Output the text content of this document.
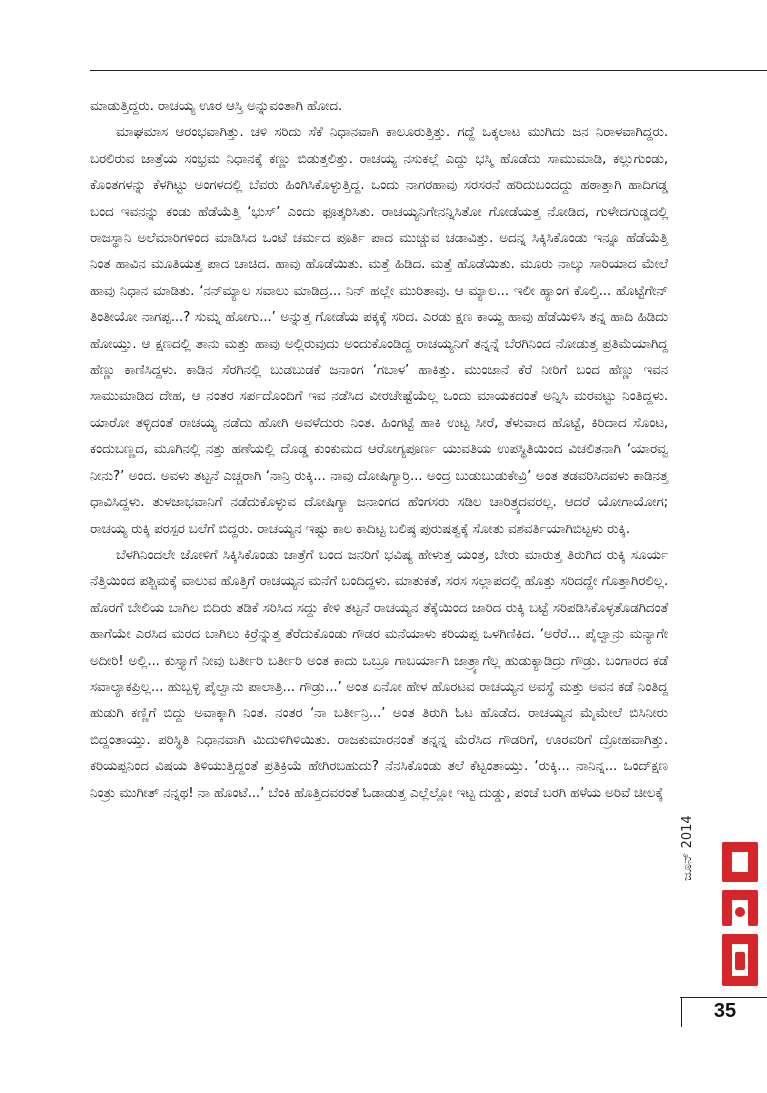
ಮಾಡುತ್ತಿದ್ದರು. ರಾಚಯ್ಯ ಊರ ಆಸ್ತಿ ಅನ್ನುವಂತಾಗಿ ಹೋದ.

ಮಾಘಮಾಸ ಆರಂಭವಾಗಿತ್ತು. ಚಳಿ ಸರಿದು ಸೆಕೆ ನಿಧಾನವಾಗಿ ಕಾಲೂರುತ್ತಿತ್ತು. ಗದ್ದೆ ಒಕ್ಕಲಾಟ ಮುಗಿದು ಜನ ನಿರಾಳವಾಗಿದ್ದರು. ಬರಲಿರುವ ಜಾತ್ರೆಯ ಸಂಭ್ರಮ ನಿಧಾನಕ್ಕೆ ಕಣ್ಣು ಬಿಡುತ್ತಲಿತ್ತು. ರಾಚಯ್ಯ ನಸುಕಲ್ಲೆ ಎದ್ದು ಭಸ್ಮಿ ಹೊಡೆದು ಸಾಮುಮಾಡಿ, ಕಲ್ಲುಗುಂಡು, ಕೊಂತಗಳನ್ನು ಕೆಳಗಿಟ್ಟು ಅಂಗಳದಲ್ಲಿ ಬೆವರು ಹಿಂಗಿಸಿಕೊಳ್ಳುತ್ತಿದ್ದ. ಒಂದು ನಾಗರಹಾವು ಸರಸರನೆ ಹರಿದುಬಂದದ್ದು ಹಠಾತ್ತಾಗಿ ಹಾದಿಗಡ್ಡ ಬಂದ ಇವನನ್ನು ಕಂಡು ಹೆಡೆಯೆತ್ತಿ ‘ಭುಸ್’ ಎಂದು ಫೂತ್ಕರಿಸಿತು. ರಾಚಯ್ಯನಿಗೇನನ್ನಿಸಿತೋ ಗೋಡೆಯತ್ತ ನೋಡಿದ, ಗುಳೇದಗುಡ್ಡದಲ್ಲಿ ರಾಜಸ್ಥಾನಿ ಅಲೆಮಾರಿಗಳಿಂದ ಮಾಡಿಸಿದ ಒಂಟೆ ಚರ್ಮದ ಪೂರ್ತಿ ಪಾದ ಮುಚ್ಚುವ ಚಡಾವಿತ್ತು. ಅದನ್ನ ಸಿಕ್ಕಿಸಿಕೊಂಡು ಇನ್ನೂ ಹೆಡೆಯೆತ್ತಿ ನಿಂತ ಹಾವಿನ ಮೂತಿಯತ್ತ ಪಾದ ಚಾಚಿದ. ಹಾವು ಹೊಡೆಯಿತು. ಮತ್ತೆ ಹಿಡಿದ. ಮತ್ತೆ ಹೊಡೆಯಿತು. ಮೂರು ನಾಲ್ಕು ಸಾರಿಯಾದ ಮೇಲೆ ಹಾವು ನಿಧಾನ ಮಾಡಿತು. ‘ನನ್‌ಮ್ಯಾಲ ಸವಾಲು ಮಾಡಿದ್ರ... ನಿನ್ ಹಲ್ಲೇ ಮುರಿತಾವು. ಆ ಮ್ಯಾಲ... ಇಲೀ ಹ್ಯಾಂಗ ಕೊಲ್ತಿ... ಹೊಟ್ಟೆಗೇನ್ ತಿಂತೀಯೋ ನಾಗಪ್ಪ...? ಸುಮ್ನ ಹೋಗು...’ ಅನ್ನುತ್ತ ಗೋಡೆಯ ಪಕ್ಕಕ್ಕೆ ಸರಿದ. ಎರಡು ಕ್ಷಣ ಕಾಯ್ದ ಹಾವು ಹೆಡೆಯಿಳಿಸಿ ತನ್ನ ಹಾದಿ ಹಿಡಿದು ಹೋಯ್ತು. ಆ ಕ್ಷಣದಲ್ಲಿ ತಾನು ಮತ್ತು ಹಾವು ಅಲ್ಲಿರುವುದು ಅಂದುಕೊಂಡಿದ್ದ ರಾಚಯ್ಯನಿಗೆ ತನ್ನನ್ನೆ ಬೆರಗಿನಿಂದ ನೋಡುತ್ತ ಪ್ರತಿಮೆಯಾಗಿದ್ದ ಹೆಣ್ಣು ಕಾಣಿಸಿದ್ದಳು. ಕಾಡಿನ ಸೆರಗಿನಲ್ಲಿ ಬುಡಬುಡಕೆ ಜನಾಂಗ ‘ಗಬಾಳ’ ಹಾಕಿತ್ತು. ಮುಂಜಾನೆ ಕೆರೆ ನೀರಿಗೆ ಬಂದ ಹೆಣ್ಣು ಇವನ ಸಾಮುಮಾಡಿದ ದೇಹ, ಆ ನಂತರ ಸರ್ಪದೊಂದಿಗೆ ಇವ ನಡೆಸಿದ ವೀರಚೇಷ್ಟೆಯೆಲ್ಲ ಒಂದು ಮಾಯಕದಂತೆ ಅನ್ನಿಸಿ ಮರವಟ್ಟು ನಿಂತಿದ್ದಳು. ಯಾರೋ ತಳ್ಳಿದಂತೆ ರಾಚಯ್ಯ ನಡೆದು ಹೋಗಿ ಅವಳೆದುರು ನಿಂತ. ಹಿಂಗಟ್ಟೆ ಹಾಕಿ ಉಟ್ಟ ಸೀರೆ, ತೆಳುವಾದ ಹೊಟ್ಟೆ, ಕಿರಿದಾದ ಸೊಂಟ, ಕಂದುಬಣ್ಣದ, ಮೂಗಿನಲ್ಲಿ ನತ್ತು ಹಣೆಯಲ್ಲಿ ದೊಡ್ಡ ಕುಂಕುಮದ ಆರೋಗ್ಯಪೂರ್ಣ ಯುವತಿಯ ಉಪಸ್ಥಿತಿಯಿಂದ ವಿಚಲಿತನಾಗಿ ‘ಯಾರವ್ವ ನೀನು?’ ಅಂದ. ಅವಳು ತಟ್ಟನೆ ಎಚ್ಚರಾಗಿ ‘ನಾನ್ರಿ ರುಕ್ಕಿ... ನಾವು ದೋಷಿಗ್ಯಾರ್ರಿ... ಅಂದ್ರ ಬುಡುಬುಡುಕೇವ್ರಿ’ ಅಂತ ತಡವರಿಸಿದವಳು ಕಾಡಿನತ್ತ ಧಾವಿಸಿದ್ದಳು. ತುಳಜಾಭವಾನಿಗೆ ನಡೆದುಕೊಳ್ಳುವ ದೋಷಿಗ್ಯಾ ಜನಾಂಗದ ಹೆಂಗಸರು ಸಡಿಲ ಚಾರಿತ್ರ್ಯದವರಲ್ಲ. ಆದರೆ ಯೋಗಾಯೋಗ; ರಾಚಯ್ಯ ರುಕ್ಕಿ ಪರಸ್ಪರ ಬಲೆಗೆ ಬಿದ್ದರು. ರಾಚಯ್ಯನ ಇಷ್ಟು ಕಾಲ ಕಾದಿಟ್ಟ ಬಲಿಷ್ಠ ಪುರುಷತ್ವಕ್ಕೆ ಸೋತು ವಶವರ್ತಿಯಾಗಿಬಿಟ್ಟಳು ರುಕ್ಕಿ.

ಬೆಳಗಿನಿಂದಲೇ ಜೋಳಿಗೆ ಸಿಕ್ಕಿಸಿಕೊಂಡು ಜಾತ್ರೆಗೆ ಬಂದ ಜನರಿಗೆ ಭವಿಷ್ಯ ಹೇಳುತ್ತ ಯಂತ್ರ, ಬೇರು ಮಾರುತ್ತ ತಿರುಗಿದ ರುಕ್ಕಿ ಸೂರ್ಯ ನೆತ್ತಿಯಿಂದ ಪಶ್ಚಿಮಕ್ಕೆ ವಾಲುವ ಹೊತ್ತಿಗೆ ರಾಚಯ್ಯನ ಮನೆಗೆ ಬಂದಿದ್ದಳು. ಮಾತುಕತೆ, ಸರಸ ಸಲ್ಲಾಪದಲ್ಲಿ ಹೊತ್ತು ಸರಿದದ್ದೇ ಗೊತ್ತಾಗಿರಲಿಲ್ಲ. ಹೊರಗೆ ಬೇಲಿಯ ಬಾಗಿಲ ಬಿದಿರು ತಡಿಕೆ ಸರಿಸಿದ ಸದ್ದು ಕೇಳಿ ತಟ್ಟನೆ ರಾಚಯ್ಯನ ತೆಕ್ಕೆಯಿಂದ ಜಾರಿದ ರುಕ್ಕಿ ಬಟ್ಟೆ ಸರಿಪಡಿಸಿಕೊಳ್ಳತೊಡಗಿದಂತೆ ಹಾಗೆಯೇ ಎರಸಿದ ಮರದ ಬಾಗಿಲು ಕಿರ್ರೆನ್ನುತ್ತ ತೆರೆದುಕೊಂಡು ಗೌಡರ ಮನೆಯಾಳು ಕರಿಯಪ್ಪ ಒಳಗಿಣಿಕಿದ. ‘ಅರೆರೆ... ಪೈಲ್ವಾನ್ರು ಮನ್ಯಾಗೇ ಅದೀರಿ! ಅಲ್ಲಿ... ಕುಸ್ತ್ಯಾಗೆ ನೀವು ಬರ್ತೀರಿ ಬರ್ತೀರಿ ಅಂತ ಕಾದು ಒಬ್ರೂ ಗಾಬರ್ಯಾಗಿ ಜಾತ್ರ್ಯಾಗೆಲ್ಲ ಹುಡುಕ್ಯಾಡಿದ್ರು ಗೌಡ್ರು. ಬಂಗಾರದ ಕಡೆ ಸವಾಲ್ಯಾಕಪ್ರಿಲ್ಲ... ಹುಬ್ಬಳ್ಳಿ ಪೈಲ್ವಾನು ಪಾಲಾತ್ರಿ... ಗೌಡ್ರು...’ ಅಂತ ಏನೋ ಹೇಳ ಹೊರಟವ ರಾಚಯ್ಯನ ಅವಸ್ಥೆ ಮತ್ತು ಅವನ ಕಡೆ ನಿಂತಿದ್ದ ಹುಡುಗಿ ಕಣ್ಣಿಗೆ ಬಿದ್ದು ಅವಾಕ್ಕಾಗಿ ನಿಂತ. ನಂತರ ‘ನಾ ಬರ್ತೀನ್ರಿ...’ ಅಂತ ತಿರುಗಿ ಓಟ ಹೊಡೆದ. ರಾಚಯ್ಯನ ಮೈಮೇಲೆ ಬಿಸಿನೀರು ಬಿದ್ದಂತಾಯ್ತು. ಪರಿಸ್ಥಿತಿ ನಿಧಾನವಾಗಿ ಮಿದುಳಿಗಿಳಿಯಿತು. ರಾಜಕುಮಾರನಂತೆ ತನ್ನನ್ನ ಮೆರೆಸಿದ ಗೌಡರಿಗೆ, ಊರವರಿಗೆ ದ್ರೋಹವಾಗಿತ್ತು. ಕರಿಯಪ್ಪನಿಂದ ವಿಷಯ ತಿಳಿಯುತ್ತಿದ್ದಂತೆ ಪ್ರತಿಕ್ರಿಯೆ ಹೇಗಿರಬಹುದು? ನೆನಸಿಕೊಂಡು ತಲೆ ಕೆಟ್ಟಂತಾಯ್ತು. ‘ರುಕ್ಕಿ... ನಾನಿನ್ನ... ಒಂದ್‌ಕ್ಷಣ ನಿಂತ್ರು ಮುಗೀತ್ ನನ್ನಥ! ನಾ ಹೊಂಟೆ...’ ಬೆಂಕಿ ಹೊತ್ತಿದವರಂತೆ ಓಡಾಡುತ್ತ ಎಲ್ಲೆಲ್ಲೋ ಇಟ್ಟ ದುಡ್ಡು, ಪಂಚೆ ಬರಗಿ ಹಳೆಯ ಅರಿವೆ ಚೀಲಕ್ಕೆ

ಜೂನ್ 2014
35
